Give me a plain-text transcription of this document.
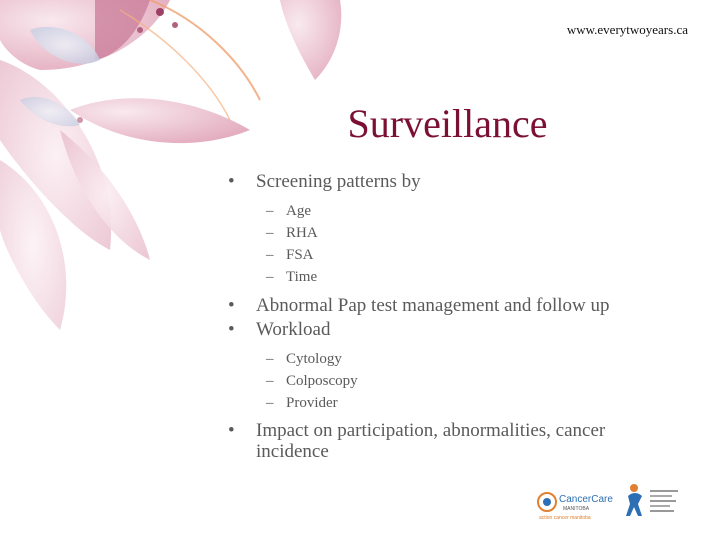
www.everytwoyears.ca
Surveillance
• Screening patterns by
– Age
– RHA
– FSA
– Time
• Abnormal Pap test management and follow up
• Workload
– Cytology
– Colposcopy
– Provider
• Impact on participation, abnormalities, cancer incidence
CancerCare
MANITOBA
action cancer manitoba
